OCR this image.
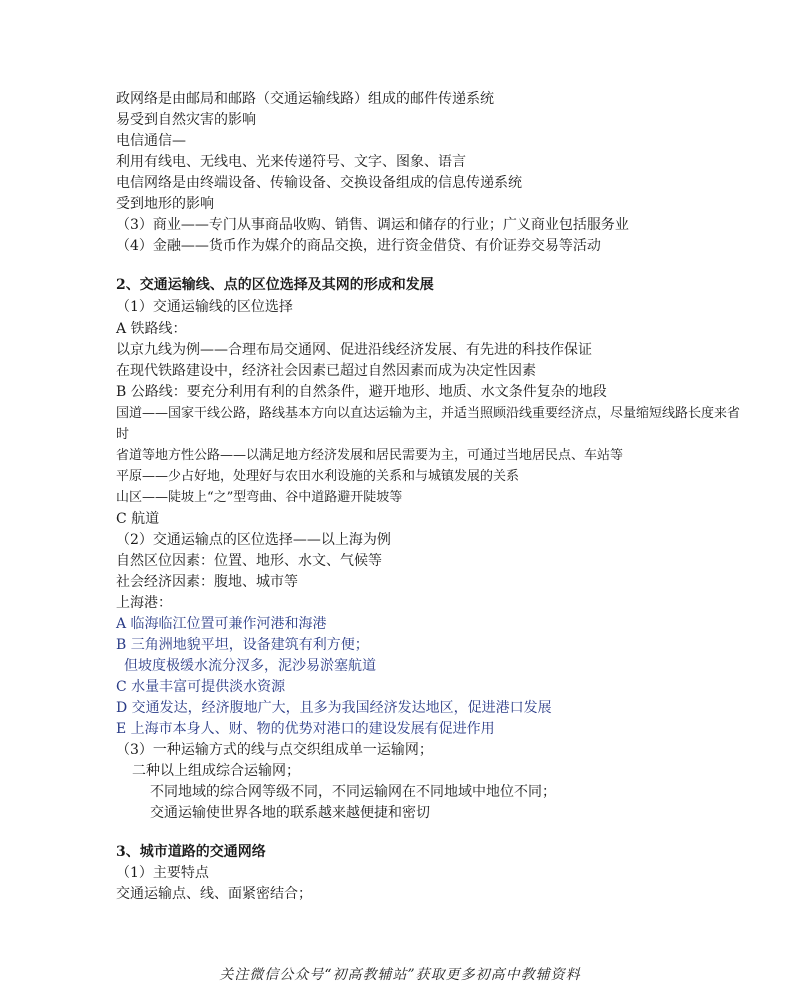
政网络是由邮局和邮路（交通运输线路）组成的邮件传递系统
易受到自然灾害的影响
电信通信—
利用有线电、无线电、光来传递符号、文字、图象、语言
电信网络是由终端设备、传输设备、交换设备组成的信息传递系统
受到地形的影响
（3）商业——专门从事商品收购、销售、调运和储存的行业；广义商业包括服务业
（4）金融——货币作为媒介的商品交换，进行资金借贷、有价证券交易等活动
2、交通运输线、点的区位选择及其网的形成和发展
（1）交通运输线的区位选择
A 铁路线：
以京九线为例——合理布局交通网、促进沿线经济发展、有先进的科技作保证
在现代铁路建设中，经济社会因素已超过自然因素而成为决定性因素
B 公路线：要充分利用有利的自然条件，避开地形、地质、水文条件复杂的地段
国道——国家干线公路，路线基本方向以直达运输为主，并适当照顾沿线重要经济点，尽量缩短线路长度来省
时
省道等地方性公路——以满足地方经济发展和居民需要为主，可通过当地居民点、车站等
平原——少占好地，处理好与农田水利设施的关系和与城镇发展的关系
山区——陡坡上“之”型弯曲、谷中道路避开陡坡等
C 航道
（2）交通运输点的区位选择——以上海为例
自然区位因素：位置、地形、水文、气候等
社会经济因素：腹地、城市等
上海港：
A 临海临江位置可兼作河港和海港
B 三角洲地貌平坦，设备建筑有利方便；
但坡度极缓水流分汊多，泥沙易淤塞航道
C 水量丰富可提供淡水资源
D 交通发达，经济腹地广大，且多为我国经济发达地区，促进港口发展
E 上海市本身人、财、物的优势对港口的建设发展有促进作用
（3）一种运输方式的线与点交织组成单一运输网；
二种以上组成综合运输网；
不同地域的综合网等级不同，不同运输网在不同地域中地位不同；
交通运输使世界各地的联系越来越便捷和密切
3、城市道路的交通网络
（1）主要特点
交通运输点、线、面紧密结合；
关注微信公众号“初高教辅站”获取更多初高中教辅资料
